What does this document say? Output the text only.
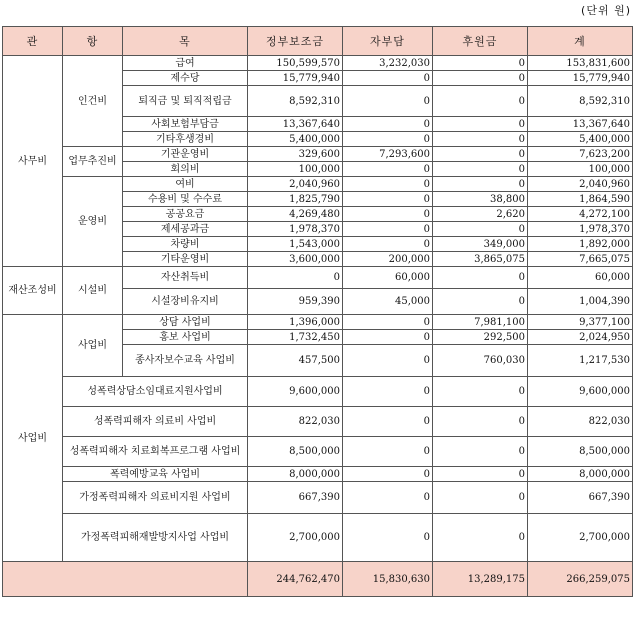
(단위 원)
관	항	목	정부보조금	자부담	후원금	계
사무비	인건비	급여	150,599,570	3,232,030	0	153,831,600
		제수당	15,779,940	0	0	15,779,940
		퇴직금 및 퇴직적립금	8,592,310	0	0	8,592,310
		사회보험부담금	13,367,640	0	0	13,367,640
		기타후생경비	5,400,000	0	0	5,400,000
	업무추진비	기관운영비	329,600	7,293,600	0	7,623,200
		회의비	100,000	0	0	100,000
	운영비	여비	2,040,960	0	0	2,040,960
		수용비 및 수수료	1,825,790	0	38,800	1,864,590
		공공요금	4,269,480	0	2,620	4,272,100
		제세공과금	1,978,370	0	0	1,978,370
		차량비	1,543,000	0	349,000	1,892,000
		기타운영비	3,600,000	200,000	3,865,075	7,665,075
재산조성비	시설비	자산취득비	0	60,000	0	60,000
		시설장비유지비	959,390	45,000	0	1,004,390
사업비	사업비	상담 사업비	1,396,000	0	7,981,100	9,377,100
		홍보 사업비	1,732,450	0	292,500	2,024,950
		종사자보수교육 사업비	457,500	0	760,030	1,217,530
	성폭력상담소임대료지원사업비		9,600,000	0	0	9,600,000
	성폭력피해자 의료비 사업비		822,030	0	0	822,030
	성폭력피해자 치료회복프로그램 사업비		8,500,000	0	0	8,500,000
	폭력예방교육 사업비		8,000,000	0	0	8,000,000
	가정폭력피해자 의료비지원 사업비		667,390	0	0	667,390
	가정폭력피해재발방지사업 사업비		2,700,000	0	0	2,700,000
			244,762,470	15,830,630	13,289,175	266,259,075
